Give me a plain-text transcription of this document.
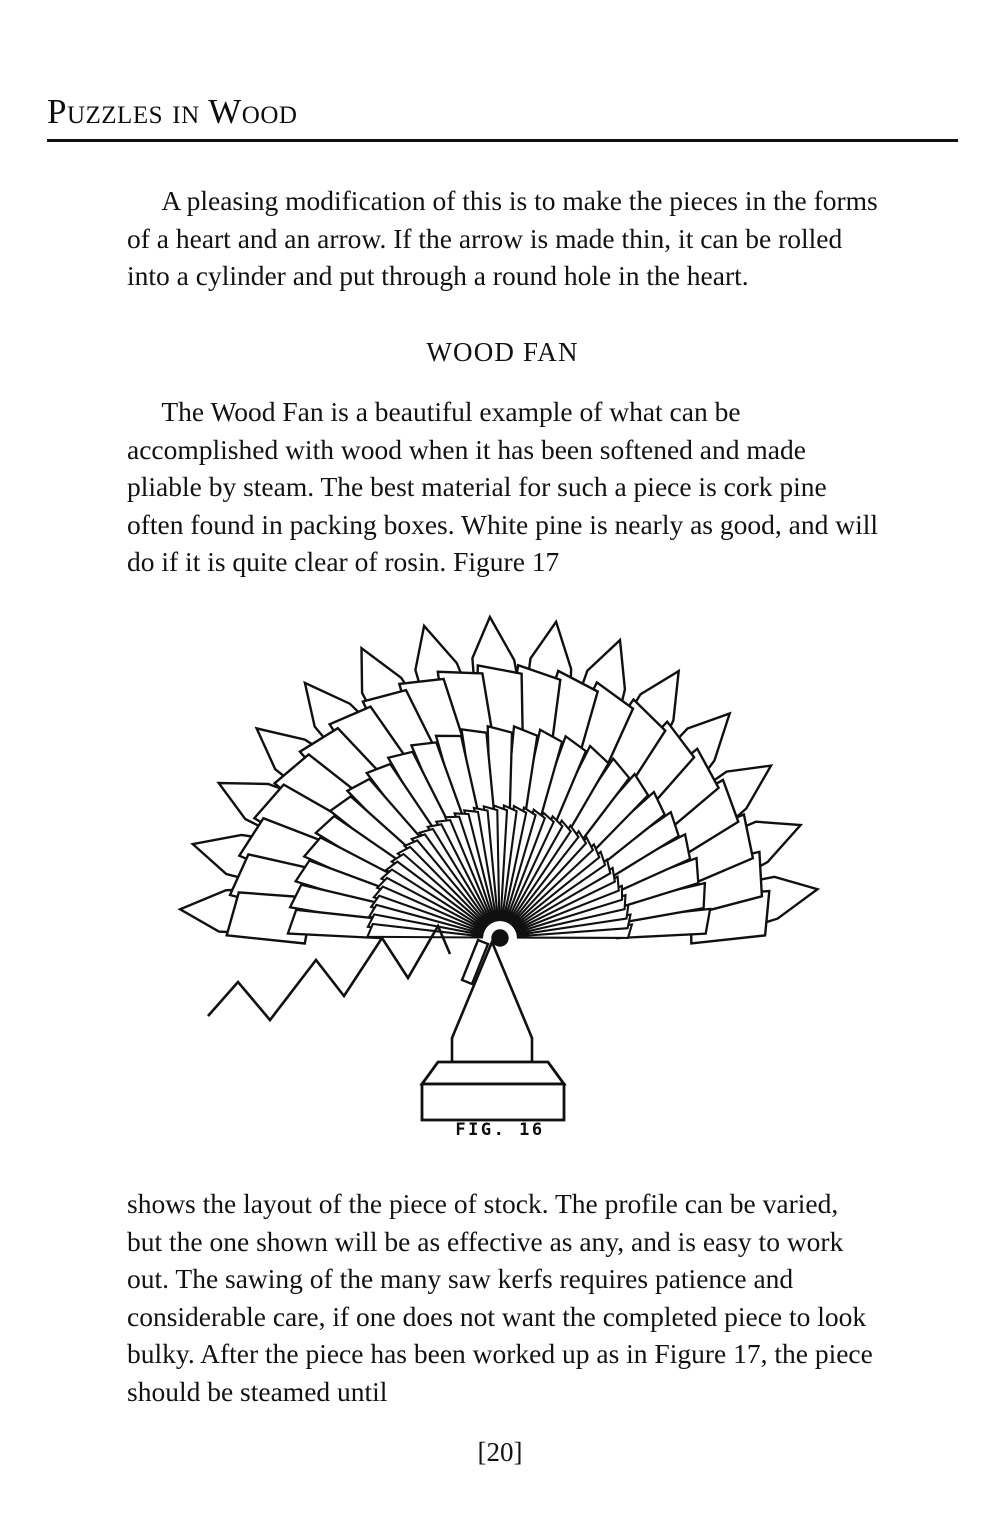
Puzzles in Wood

A pleasing modification of this is to make the pieces in the forms of a heart and an arrow. If the arrow is made thin, it can be rolled into a cylinder and put through a round hole in the heart.

WOOD FAN

The Wood Fan is a beautiful example of what can be accomplished with wood when it has been softened and made pliable by steam. The best material for such a piece is cork pine often found in packing boxes. White pine is nearly as good, and will do if it is quite clear of rosin. Figure 17

FIG. 16

shows the layout of the piece of stock. The profile can be varied, but the one shown will be as effective as any, and is easy to work out. The sawing of the many saw kerfs requires patience and considerable care, if one does not want the completed piece to look bulky. After the piece has been worked up as in Figure 17, the piece should be steamed until

[20]
